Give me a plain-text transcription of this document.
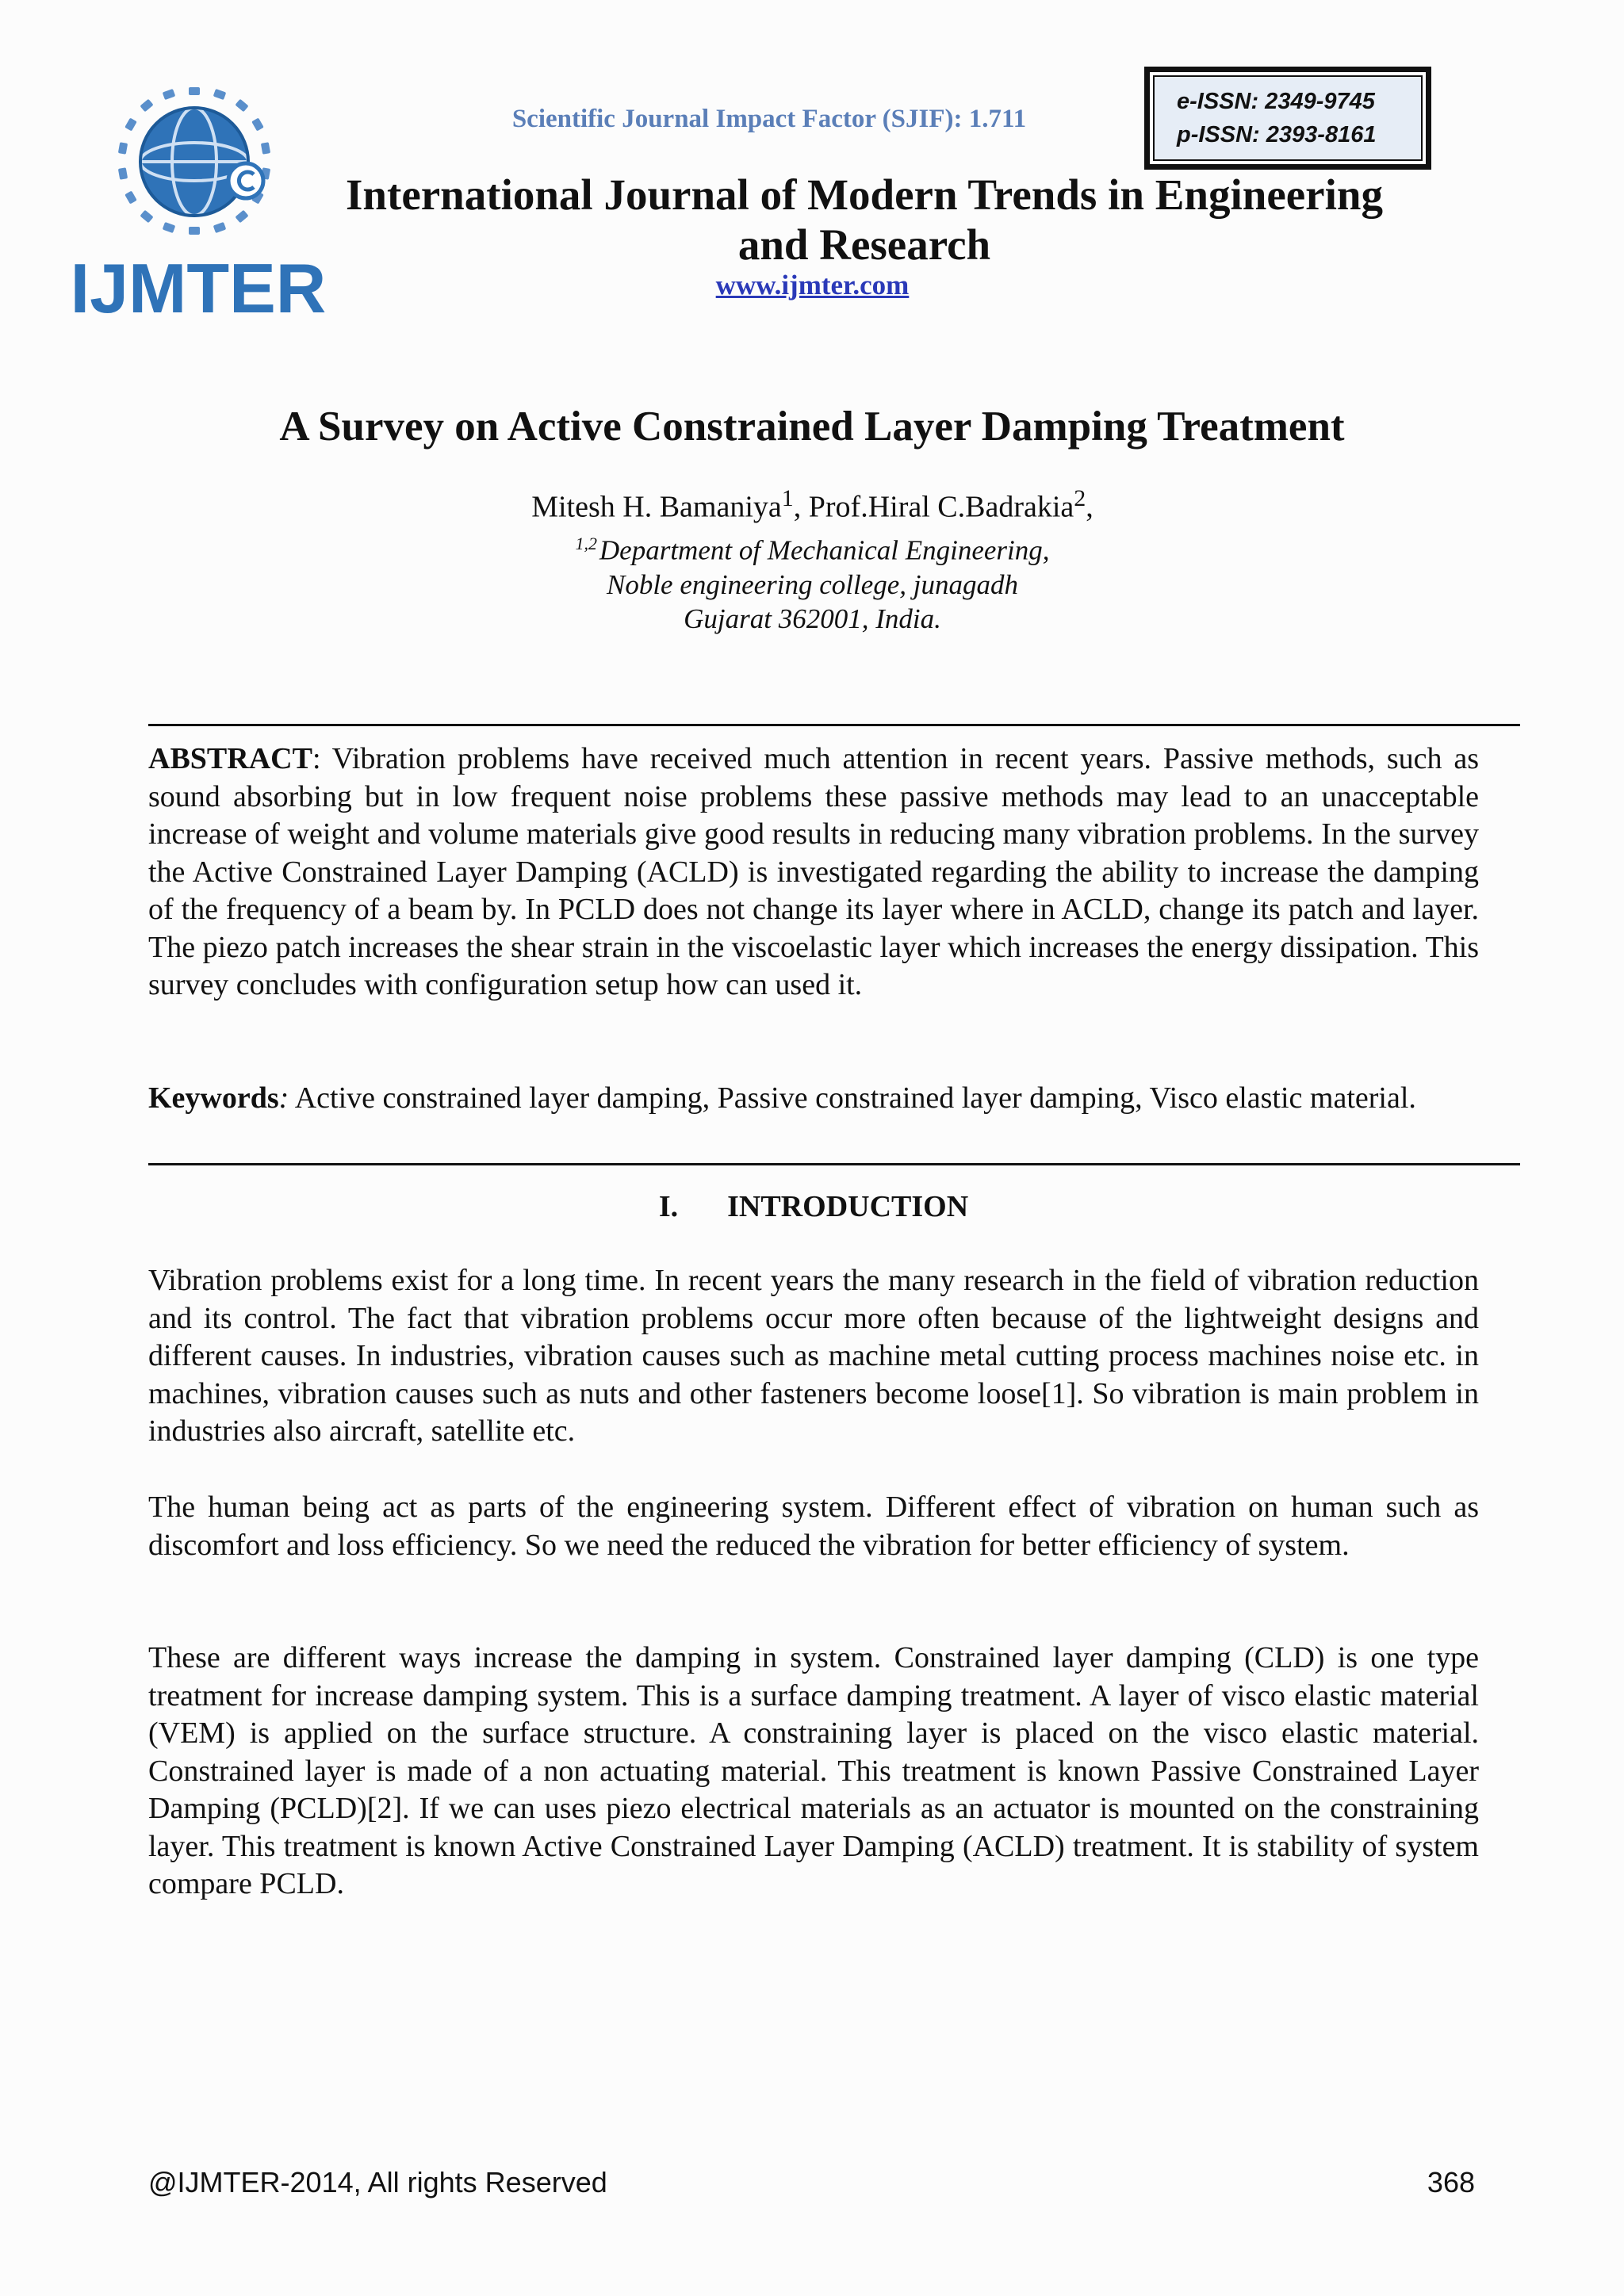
IJMTER
Scientific Journal Impact Factor (SJIF): 1.711
e-ISSN: 2349-9745
p-ISSN: 2393-8161
International Journal of Modern Trends in Engineering
and Research
www.ijmter.com
A Survey on Active Constrained Layer Damping Treatment
Mitesh H. Bamaniya$^1$, Prof.Hiral C.Badrakia$^2$,
$^{1,2}$ Department of Mechanical Engineering,
Noble engineering college, junagadh
Gujarat 362001, India.
ABSTRACT: Vibration problems have received much attention in recent years. Passive methods, such as sound absorbing but in low frequent noise problems these passive methods may lead to an unacceptable increase of weight and volume materials give good results in reducing many vibration problems. In the survey the Active Constrained Layer Damping (ACLD) is investigated regarding the ability to increase the damping of the frequency of a beam by. In PCLD does not change its layer where in ACLD, change its patch and layer. The piezo patch increases the shear strain in the viscoelastic layer which increases the energy dissipation. This survey concludes with configuration setup how can used it.
Keywords: Active constrained layer damping, Passive constrained layer damping, Visco elastic material.
I. INTRODUCTION
Vibration problems exist for a long time. In recent years the many research in the field of vibration reduction and its control. The fact that vibration problems occur more often because of the lightweight designs and different causes. In industries, vibration causes such as machine metal cutting process machines noise etc. in machines, vibration causes such as nuts and other fasteners become loose[1]. So vibration is main problem in industries also aircraft, satellite etc.
The human being act as parts of the engineering system. Different effect of vibration on human such as discomfort and loss efficiency. So we need the reduced the vibration for better efficiency of system.
These are different ways increase the damping in system. Constrained layer damping (CLD) is one type treatment for increase damping system. This is a surface damping treatment. A layer of visco elastic material (VEM) is applied on the surface structure. A constraining layer is placed on the visco elastic material. Constrained layer is made of a non actuating material. This treatment is known Passive Constrained Layer Damping (PCLD)[2]. If we can uses piezo electrical materials as an actuator is mounted on the constraining layer. This treatment is known Active Constrained Layer Damping (ACLD) treatment. It is stability of system compare PCLD.
@IJMTER-2014, All rights Reserved	368
